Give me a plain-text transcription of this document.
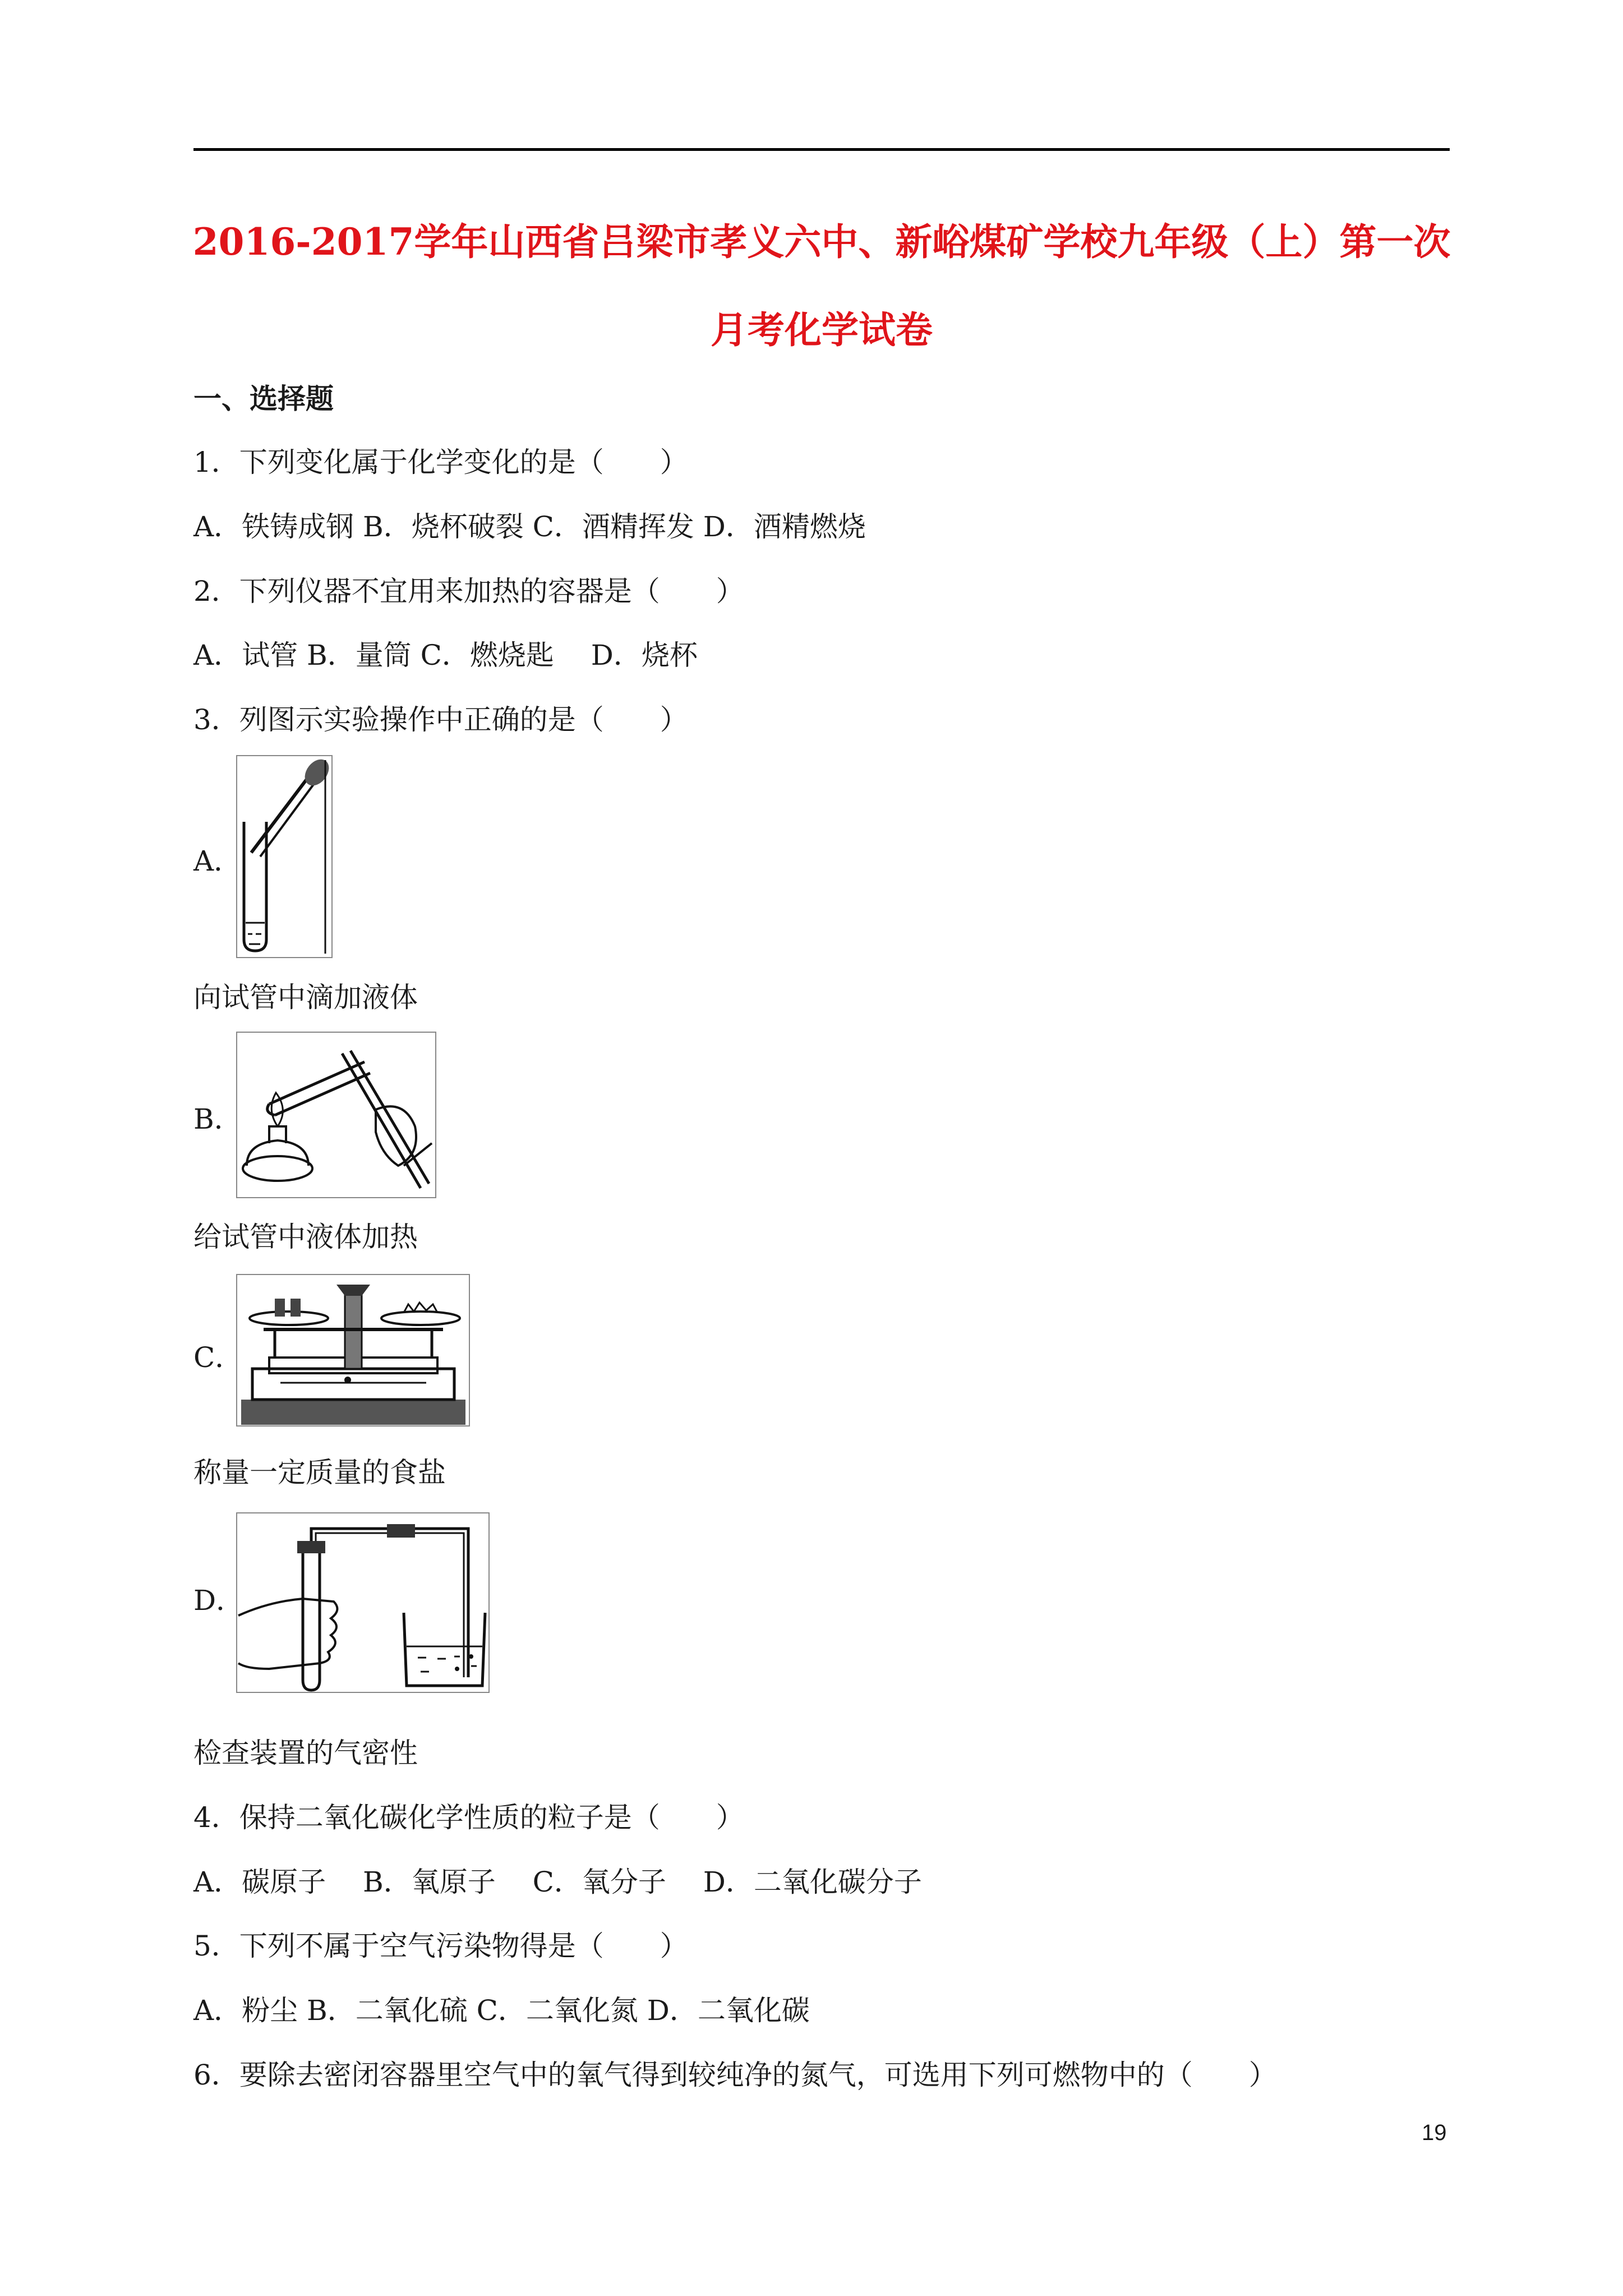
2016-2017学年山西省吕梁市孝义六中、新峪煤矿学校九年级（上）第一次
月考化学试卷
一、选择题
1．下列变化属于化学变化的是（　　）
A．铁铸成钢 B．烧杯破裂 C．酒精挥发 D．酒精燃烧
2．下列仪器不宜用来加热的容器是（　　）
A．试管 B．量筒 C．燃烧匙　 D．烧杯
3．列图示实验操作中正确的是（　　）
A．
向试管中滴加液体
B．
给试管中液体加热
C．
称量一定质量的食盐
D．
检查装置的气密性
4．保持二氧化碳化学性质的粒子是（　　）
A．碳原子　 B．氧原子　 C．氧分子　 D．二氧化碳分子
5．下列不属于空气污染物得是（　　）
A．粉尘 B．二氧化硫 C．二氧化氮 D．二氧化碳
6．要除去密闭容器里空气中的氧气得到较纯净的氮气，可选用下列可燃物中的（　　）
19
